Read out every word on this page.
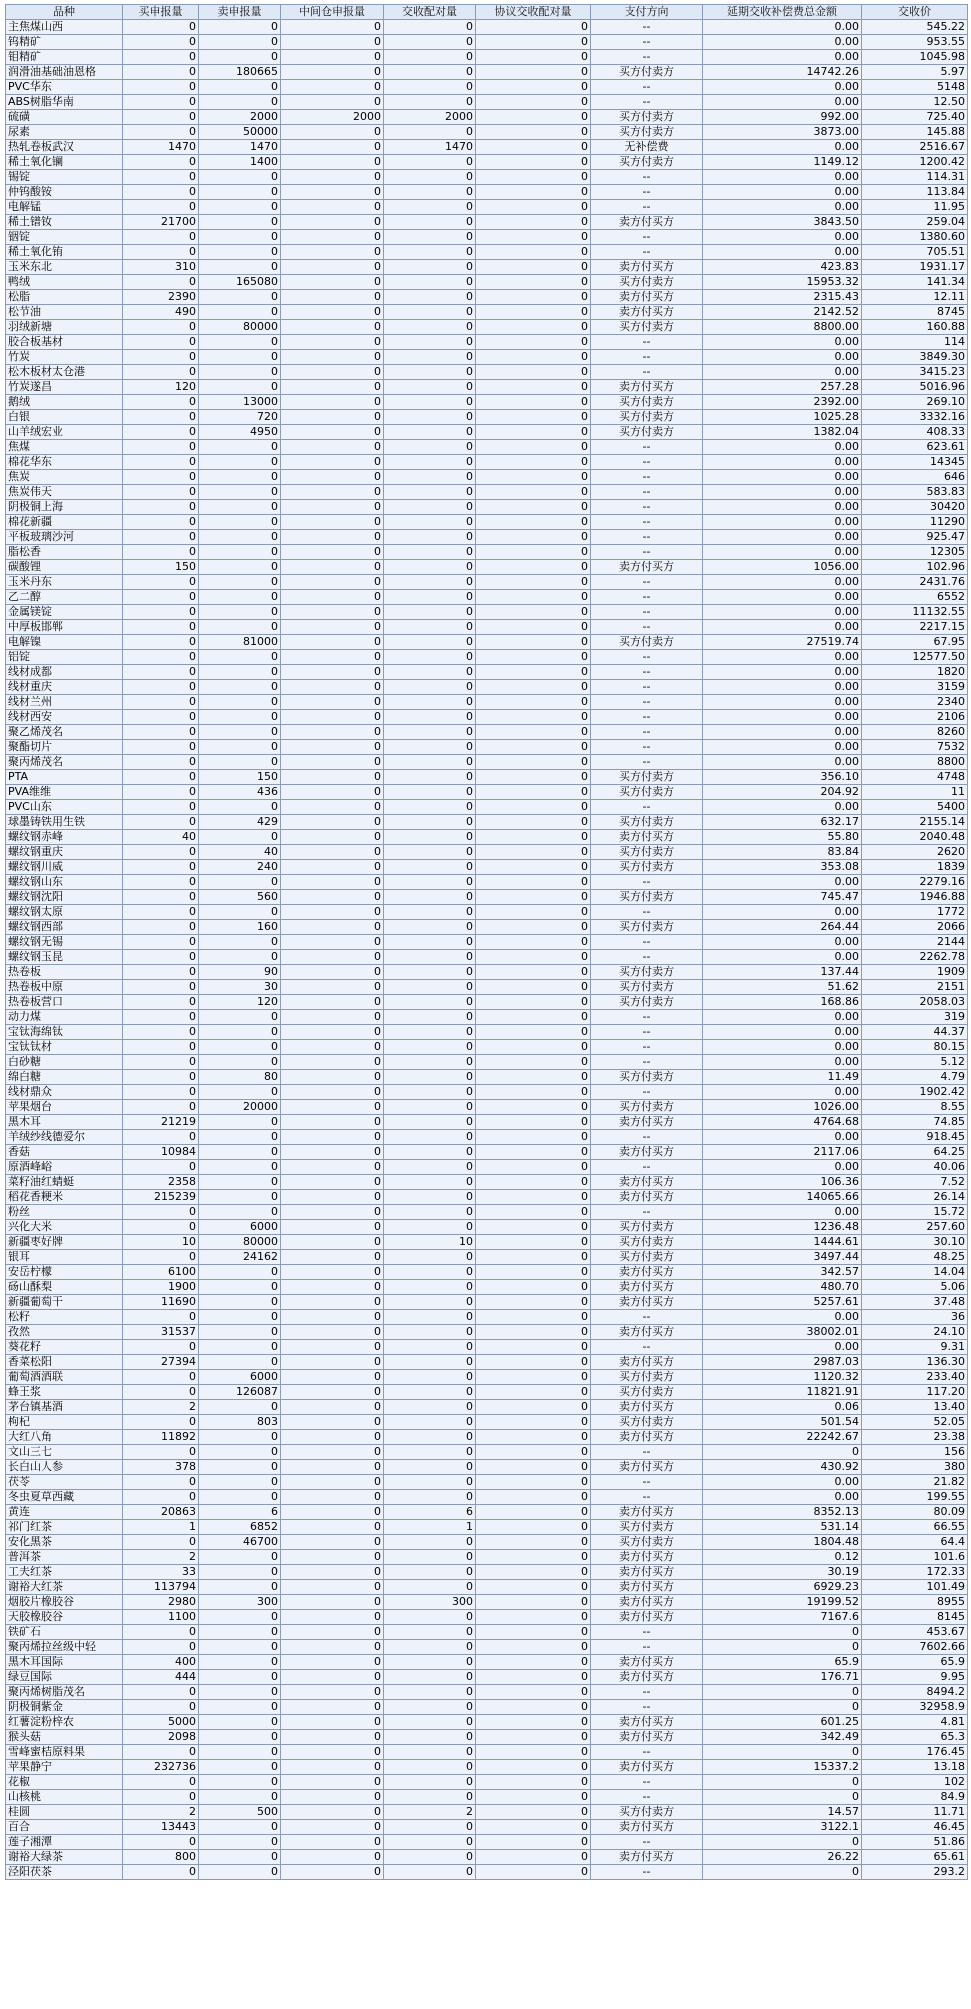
品种	买申报量	卖申报量	中间仓申报量	交收配对量	协议交收配对量	支付方向	延期交收补偿费总金额	交收价
主焦煤山西	0	0	0	0	0	--	0.00	545.22
钨精矿	0	0	0	0	0	--	0.00	953.55
钼精矿	0	0	0	0	0	--	0.00	1045.98
润滑油基础油恩格	0	180665	0	0	0	买方付卖方	14742.26	5.97
PVC华东	0	0	0	0	0	--	0.00	5148
ABS树脂华南	0	0	0	0	0	--	0.00	12.50
硫磺	0	2000	2000	2000	0	买方付卖方	992.00	725.40
尿素	0	50000	0	0	0	买方付卖方	3873.00	145.88
热轧卷板武汉	1470	1470	0	1470	0	无补偿费	0.00	2516.67
稀土氧化镧	0	1400	0	0	0	买方付卖方	1149.12	1200.42
锡锭	0	0	0	0	0	--	0.00	114.31
仲钨酸铵	0	0	0	0	0	--	0.00	113.84
电解锰	0	0	0	0	0	--	0.00	11.95
稀土镨钕	21700	0	0	0	0	卖方付买方	3843.50	259.04
铟锭	0	0	0	0	0	--	0.00	1380.60
稀土氧化铕	0	0	0	0	0	--	0.00	705.51
玉米东北	310	0	0	0	0	卖方付买方	423.83	1931.17
鸭绒	0	165080	0	0	0	买方付卖方	15953.32	141.34
松脂	2390	0	0	0	0	卖方付买方	2315.43	12.11
松节油	490	0	0	0	0	卖方付买方	2142.52	8745
羽绒新塘	0	80000	0	0	0	买方付卖方	8800.00	160.88
胶合板基材	0	0	0	0	0	--	0.00	114
竹炭	0	0	0	0	0	--	0.00	3849.30
松木板材太仓港	0	0	0	0	0	--	0.00	3415.23
竹炭遂昌	120	0	0	0	0	卖方付买方	257.28	5016.96
鹅绒	0	13000	0	0	0	买方付卖方	2392.00	269.10
白银	0	720	0	0	0	买方付卖方	1025.28	3332.16
山羊绒宏业	0	4950	0	0	0	买方付卖方	1382.04	408.33
焦煤	0	0	0	0	0	--	0.00	623.61
棉花华东	0	0	0	0	0	--	0.00	14345
焦炭	0	0	0	0	0	--	0.00	646
焦炭伟天	0	0	0	0	0	--	0.00	583.83
阴极铜上海	0	0	0	0	0	--	0.00	30420
棉花新疆	0	0	0	0	0	--	0.00	11290
平板玻璃沙河	0	0	0	0	0	--	0.00	925.47
脂松香	0	0	0	0	0	--	0.00	12305
碳酸锂	150	0	0	0	0	卖方付买方	1056.00	102.96
玉米丹东	0	0	0	0	0	--	0.00	2431.76
乙二醇	0	0	0	0	0	--	0.00	6552
金属镁锭	0	0	0	0	0	--	0.00	11132.55
中厚板邯郸	0	0	0	0	0	--	0.00	2217.15
电解镍	0	81000	0	0	0	买方付卖方	27519.74	67.95
铝锭	0	0	0	0	0	--	0.00	12577.50
线材成都	0	0	0	0	0	--	0.00	1820
线材重庆	0	0	0	0	0	--	0.00	3159
线材兰州	0	0	0	0	0	--	0.00	2340
线材西安	0	0	0	0	0	--	0.00	2106
聚乙烯茂名	0	0	0	0	0	--	0.00	8260
聚酯切片	0	0	0	0	0	--	0.00	7532
聚丙烯茂名	0	0	0	0	0	--	0.00	8800
PTA	0	150	0	0	0	买方付卖方	356.10	4748
PVA维维	0	436	0	0	0	买方付卖方	204.92	11
PVC山东	0	0	0	0	0	--	0.00	5400
球墨铸铁用生铁	0	429	0	0	0	买方付卖方	632.17	2155.14
螺纹钢赤峰	40	0	0	0	0	卖方付买方	55.80	2040.48
螺纹钢重庆	0	40	0	0	0	买方付卖方	83.84	2620
螺纹钢川威	0	240	0	0	0	买方付卖方	353.08	1839
螺纹钢山东	0	0	0	0	0	--	0.00	2279.16
螺纹钢沈阳	0	560	0	0	0	买方付卖方	745.47	1946.88
螺纹钢太原	0	0	0	0	0	--	0.00	1772
螺纹钢西部	0	160	0	0	0	买方付卖方	264.44	2066
螺纹钢无锡	0	0	0	0	0	--	0.00	2144
螺纹钢玉昆	0	0	0	0	0	--	0.00	2262.78
热卷板	0	90	0	0	0	买方付卖方	137.44	1909
热卷板中原	0	30	0	0	0	买方付卖方	51.62	2151
热卷板营口	0	120	0	0	0	买方付卖方	168.86	2058.03
动力煤	0	0	0	0	0	--	0.00	319
宝钛海绵钛	0	0	0	0	0	--	0.00	44.37
宝钛钛材	0	0	0	0	0	--	0.00	80.15
白砂糖	0	0	0	0	0	--	0.00	5.12
绵白糖	0	80	0	0	0	买方付卖方	11.49	4.79
线材鼎众	0	0	0	0	0	--	0.00	1902.42
苹果烟台	0	20000	0	0	0	买方付卖方	1026.00	8.55
黑木耳	21219	0	0	0	0	卖方付买方	4764.68	74.85
羊绒纱线德爱尔	0	0	0	0	0	--	0.00	918.45
香菇	10984	0	0	0	0	卖方付买方	2117.06	64.25
原酒峰峪	0	0	0	0	0	--	0.00	40.06
菜籽油红蜻蜓	2358	0	0	0	0	卖方付买方	106.36	7.52
稻花香粳米	215239	0	0	0	0	卖方付买方	14065.66	26.14
粉丝	0	0	0	0	0	--	0.00	15.72
兴化大米	0	6000	0	0	0	买方付卖方	1236.48	257.60
新疆枣好牌	10	80000	0	10	0	买方付卖方	1444.61	30.10
银耳	0	24162	0	0	0	买方付卖方	3497.44	48.25
安岳柠檬	6100	0	0	0	0	卖方付买方	342.57	14.04
砀山酥梨	1900	0	0	0	0	卖方付买方	480.70	5.06
新疆葡萄干	11690	0	0	0	0	卖方付买方	5257.61	37.48
松籽	0	0	0	0	0	--	0.00	36
孜然	31537	0	0	0	0	卖方付买方	38002.01	24.10
葵花籽	0	0	0	0	0	--	0.00	9.31
香菜松阳	27394	0	0	0	0	卖方付买方	2987.03	136.30
葡萄酒酒联	0	6000	0	0	0	买方付卖方	1120.32	233.40
蜂王浆	0	126087	0	0	0	买方付卖方	11821.91	117.20
茅台镇基酒	2	0	0	0	0	卖方付买方	0.06	13.40
枸杞	0	803	0	0	0	买方付卖方	501.54	52.05
大红八角	11892	0	0	0	0	卖方付买方	22242.67	23.38
文山三七	0	0	0	0	0	--	0	156
长白山人参	378	0	0	0	0	卖方付买方	430.92	380
茯苓	0	0	0	0	0	--	0.00	21.82
冬虫夏草西藏	0	0	0	0	0	--	0.00	199.55
黄连	20863	6	0	6	0	卖方付买方	8352.13	80.09
祁门红茶	1	6852	0	1	0	买方付卖方	531.14	66.55
安化黑茶	0	46700	0	0	0	买方付卖方	1804.48	64.4
普洱茶	2	0	0	0	0	卖方付买方	0.12	101.6
工夫红茶	33	0	0	0	0	卖方付买方	30.19	172.33
谢裕大红茶	113794	0	0	0	0	卖方付买方	6929.23	101.49
烟胶片橡胶谷	2980	300	0	300	0	卖方付买方	19199.52	8955
天胶橡胶谷	1100	0	0	0	0	卖方付买方	7167.6	8145
铁矿石	0	0	0	0	0	--	0	453.67
聚丙烯拉丝级中轻	0	0	0	0	0	--	0	7602.66
黑木耳国际	400	0	0	0	0	卖方付买方	65.9	65.9
绿豆国际	444	0	0	0	0	卖方付买方	176.71	9.95
聚丙烯树脂茂名	0	0	0	0	0	--	0	8494.2
阴极铜紫金	0	0	0	0	0	--	0	32958.9
红薯淀粉梓农	5000	0	0	0	0	卖方付买方	601.25	4.81
猴头菇	2098	0	0	0	0	卖方付买方	342.49	65.3
雪峰蜜桔原料果	0	0	0	0	0	--	0	176.45
苹果静宁	232736	0	0	0	0	卖方付买方	15337.2	13.18
花椒	0	0	0	0	0	--	0	102
山核桃	0	0	0	0	0	--	0	84.9
桂圆	2	500	0	2	0	买方付卖方	14.57	11.71
百合	13443	0	0	0	0	卖方付买方	3122.1	46.45
莲子湘潭	0	0	0	0	0	--	0	51.86
谢裕大绿茶	800	0	0	0	0	卖方付买方	26.22	65.61
泾阳茯茶	0	0	0	0	0	--	0	293.2
